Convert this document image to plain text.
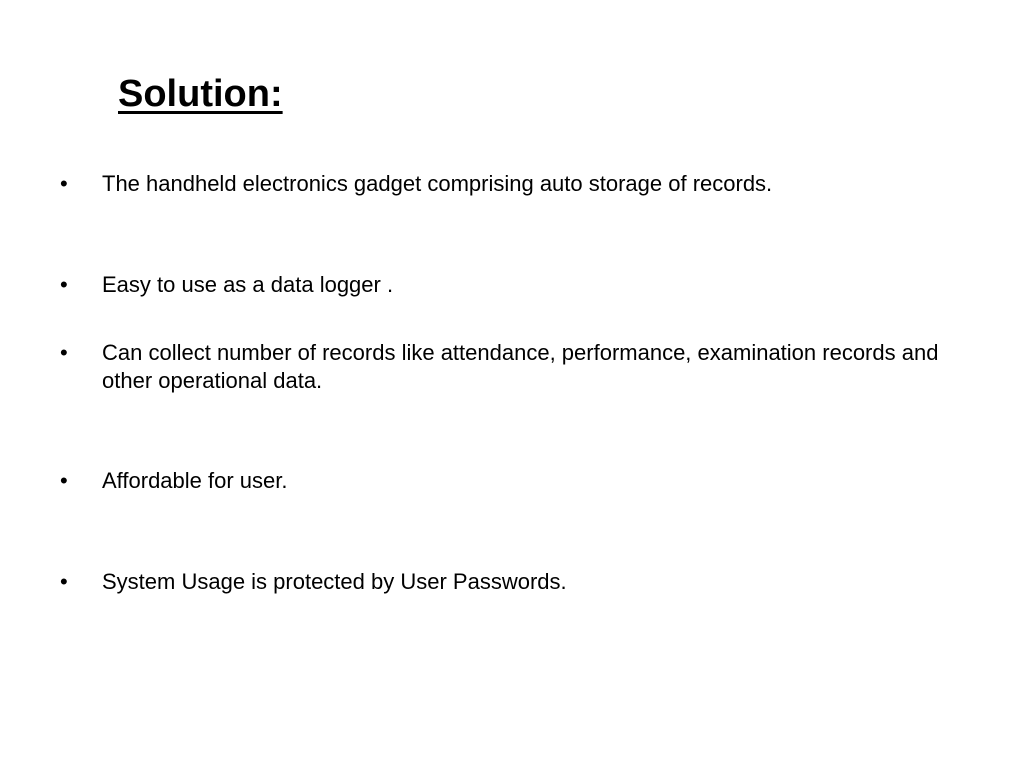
Solution:
•	The handheld electronics gadget comprising auto storage of records.
•	Easy to use as a data logger .
•	Can collect number of records like attendance, performance, examination records and other operational data.
•	Affordable for user.
•	System Usage is protected by User Passwords.
